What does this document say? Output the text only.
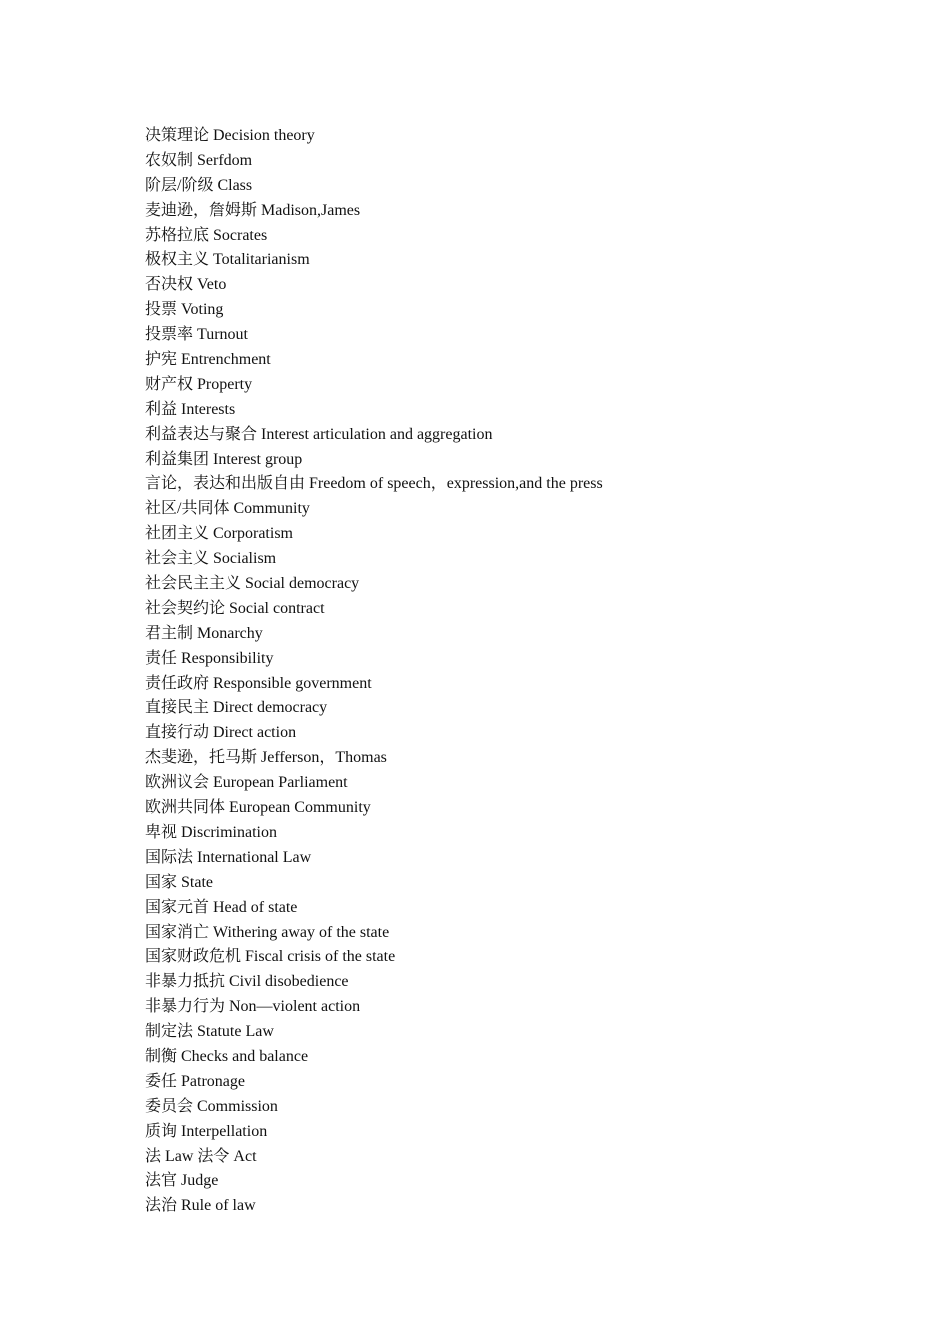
决策理论 Decision theory
农奴制 Serfdom
阶层/阶级 Class
麦迪逊，詹姆斯 Madison,James
苏格拉底 Socrates
极权主义 Totalitarianism
否决权 Veto
投票 Voting
投票率 Turnout
护宪 Entrenchment
财产权 Property
利益 Interests
利益表达与聚合 Interest articulation and aggregation
利益集团 Interest group
言论，表达和出版自由 Freedom of speech，expression,and the press
社区/共同体 Community
社团主义 Corporatism
社会主义 Socialism
社会民主主义 Social democracy
社会契约论 Social contract
君主制 Monarchy
责任 Responsibility
责任政府 Responsible government
直接民主 Direct democracy
直接行动 Direct action
杰斐逊，托马斯 Jefferson，Thomas
欧洲议会 European Parliament
欧洲共同体 European Community
卑视 Discrimination
国际法 International Law
国家 State
国家元首 Head of state
国家消亡 Withering away of the state
国家财政危机 Fiscal crisis of the state
非暴力抵抗 Civil disobedience
非暴力行为 Non—violent action
制定法 Statute Law
制衡 Checks and balance
委任 Patronage
委员会 Commission
质询 Interpellation
法 Law 法令 Act
法官 Judge
法治 Rule of law
